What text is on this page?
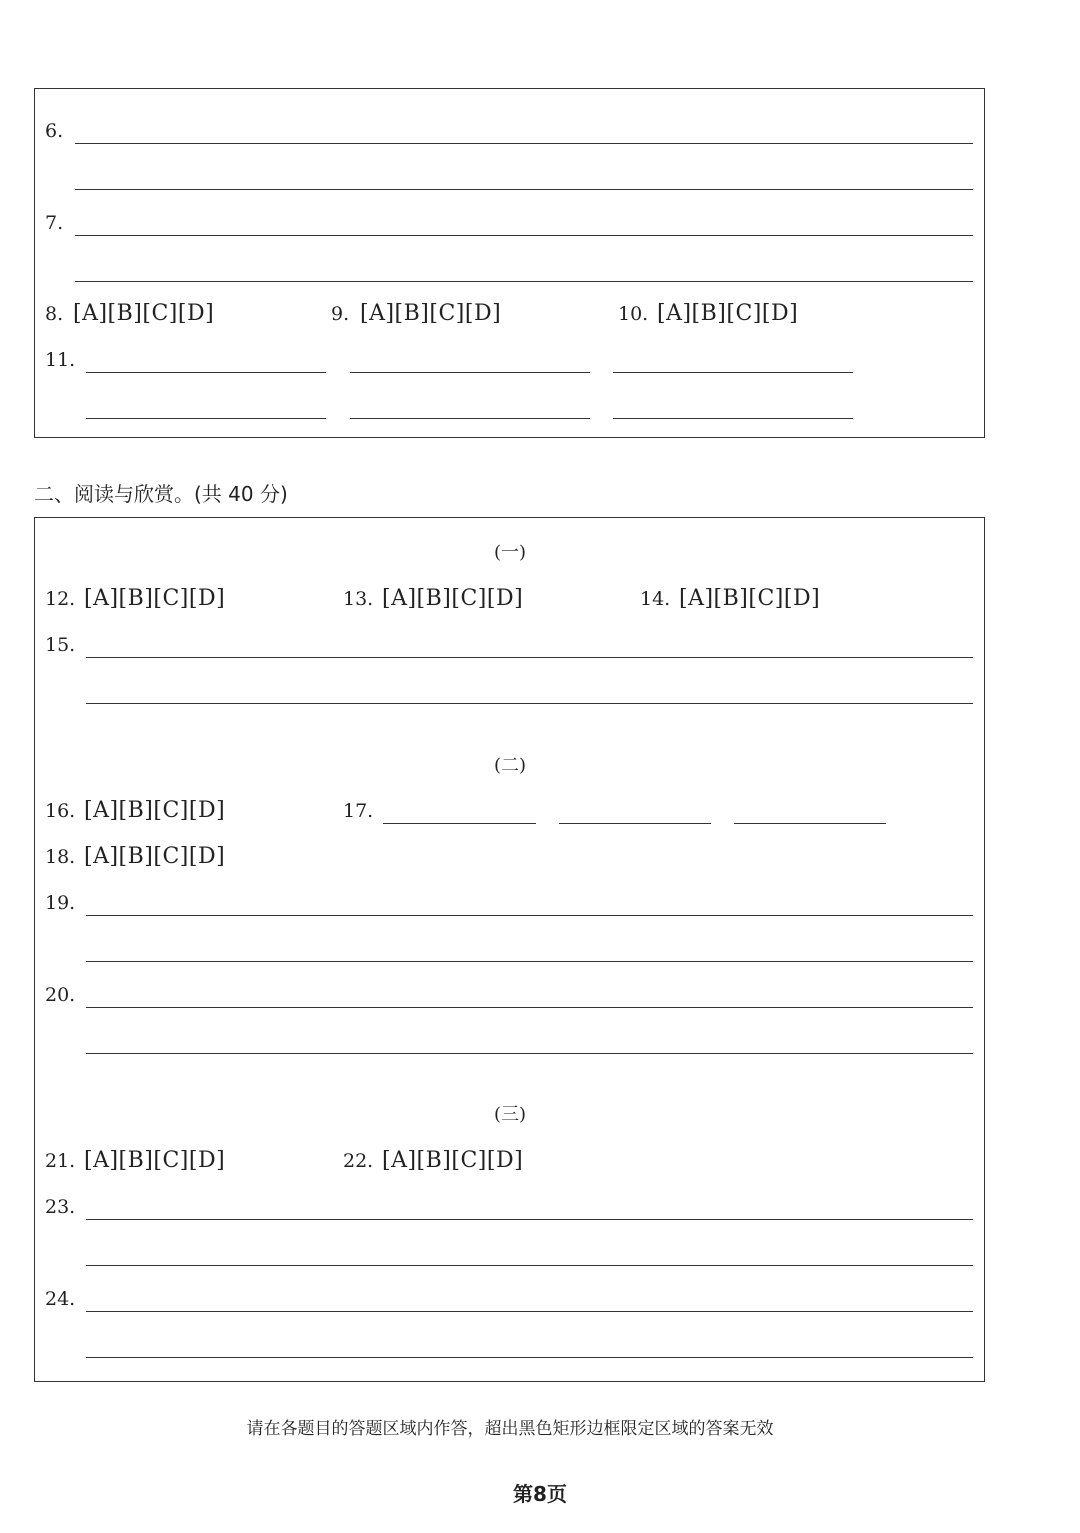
6.
7.
8. [A][B][C][D]	9. [A][B][C][D]	10. [A][B][C][D]
11.
二、阅读与欣赏。(共 40 分)
(一)
12. [A][B][C][D]	13. [A][B][C][D]	14. [A][B][C][D]
15.
(二)
16. [A][B][C][D]	17.
18. [A][B][C][D]
19.
20.
(三)
21. [A][B][C][D]	22. [A][B][C][D]
23.
24.
请在各题目的答题区域内作答，超出黑色矩形边框限定区域的答案无效
第8页
